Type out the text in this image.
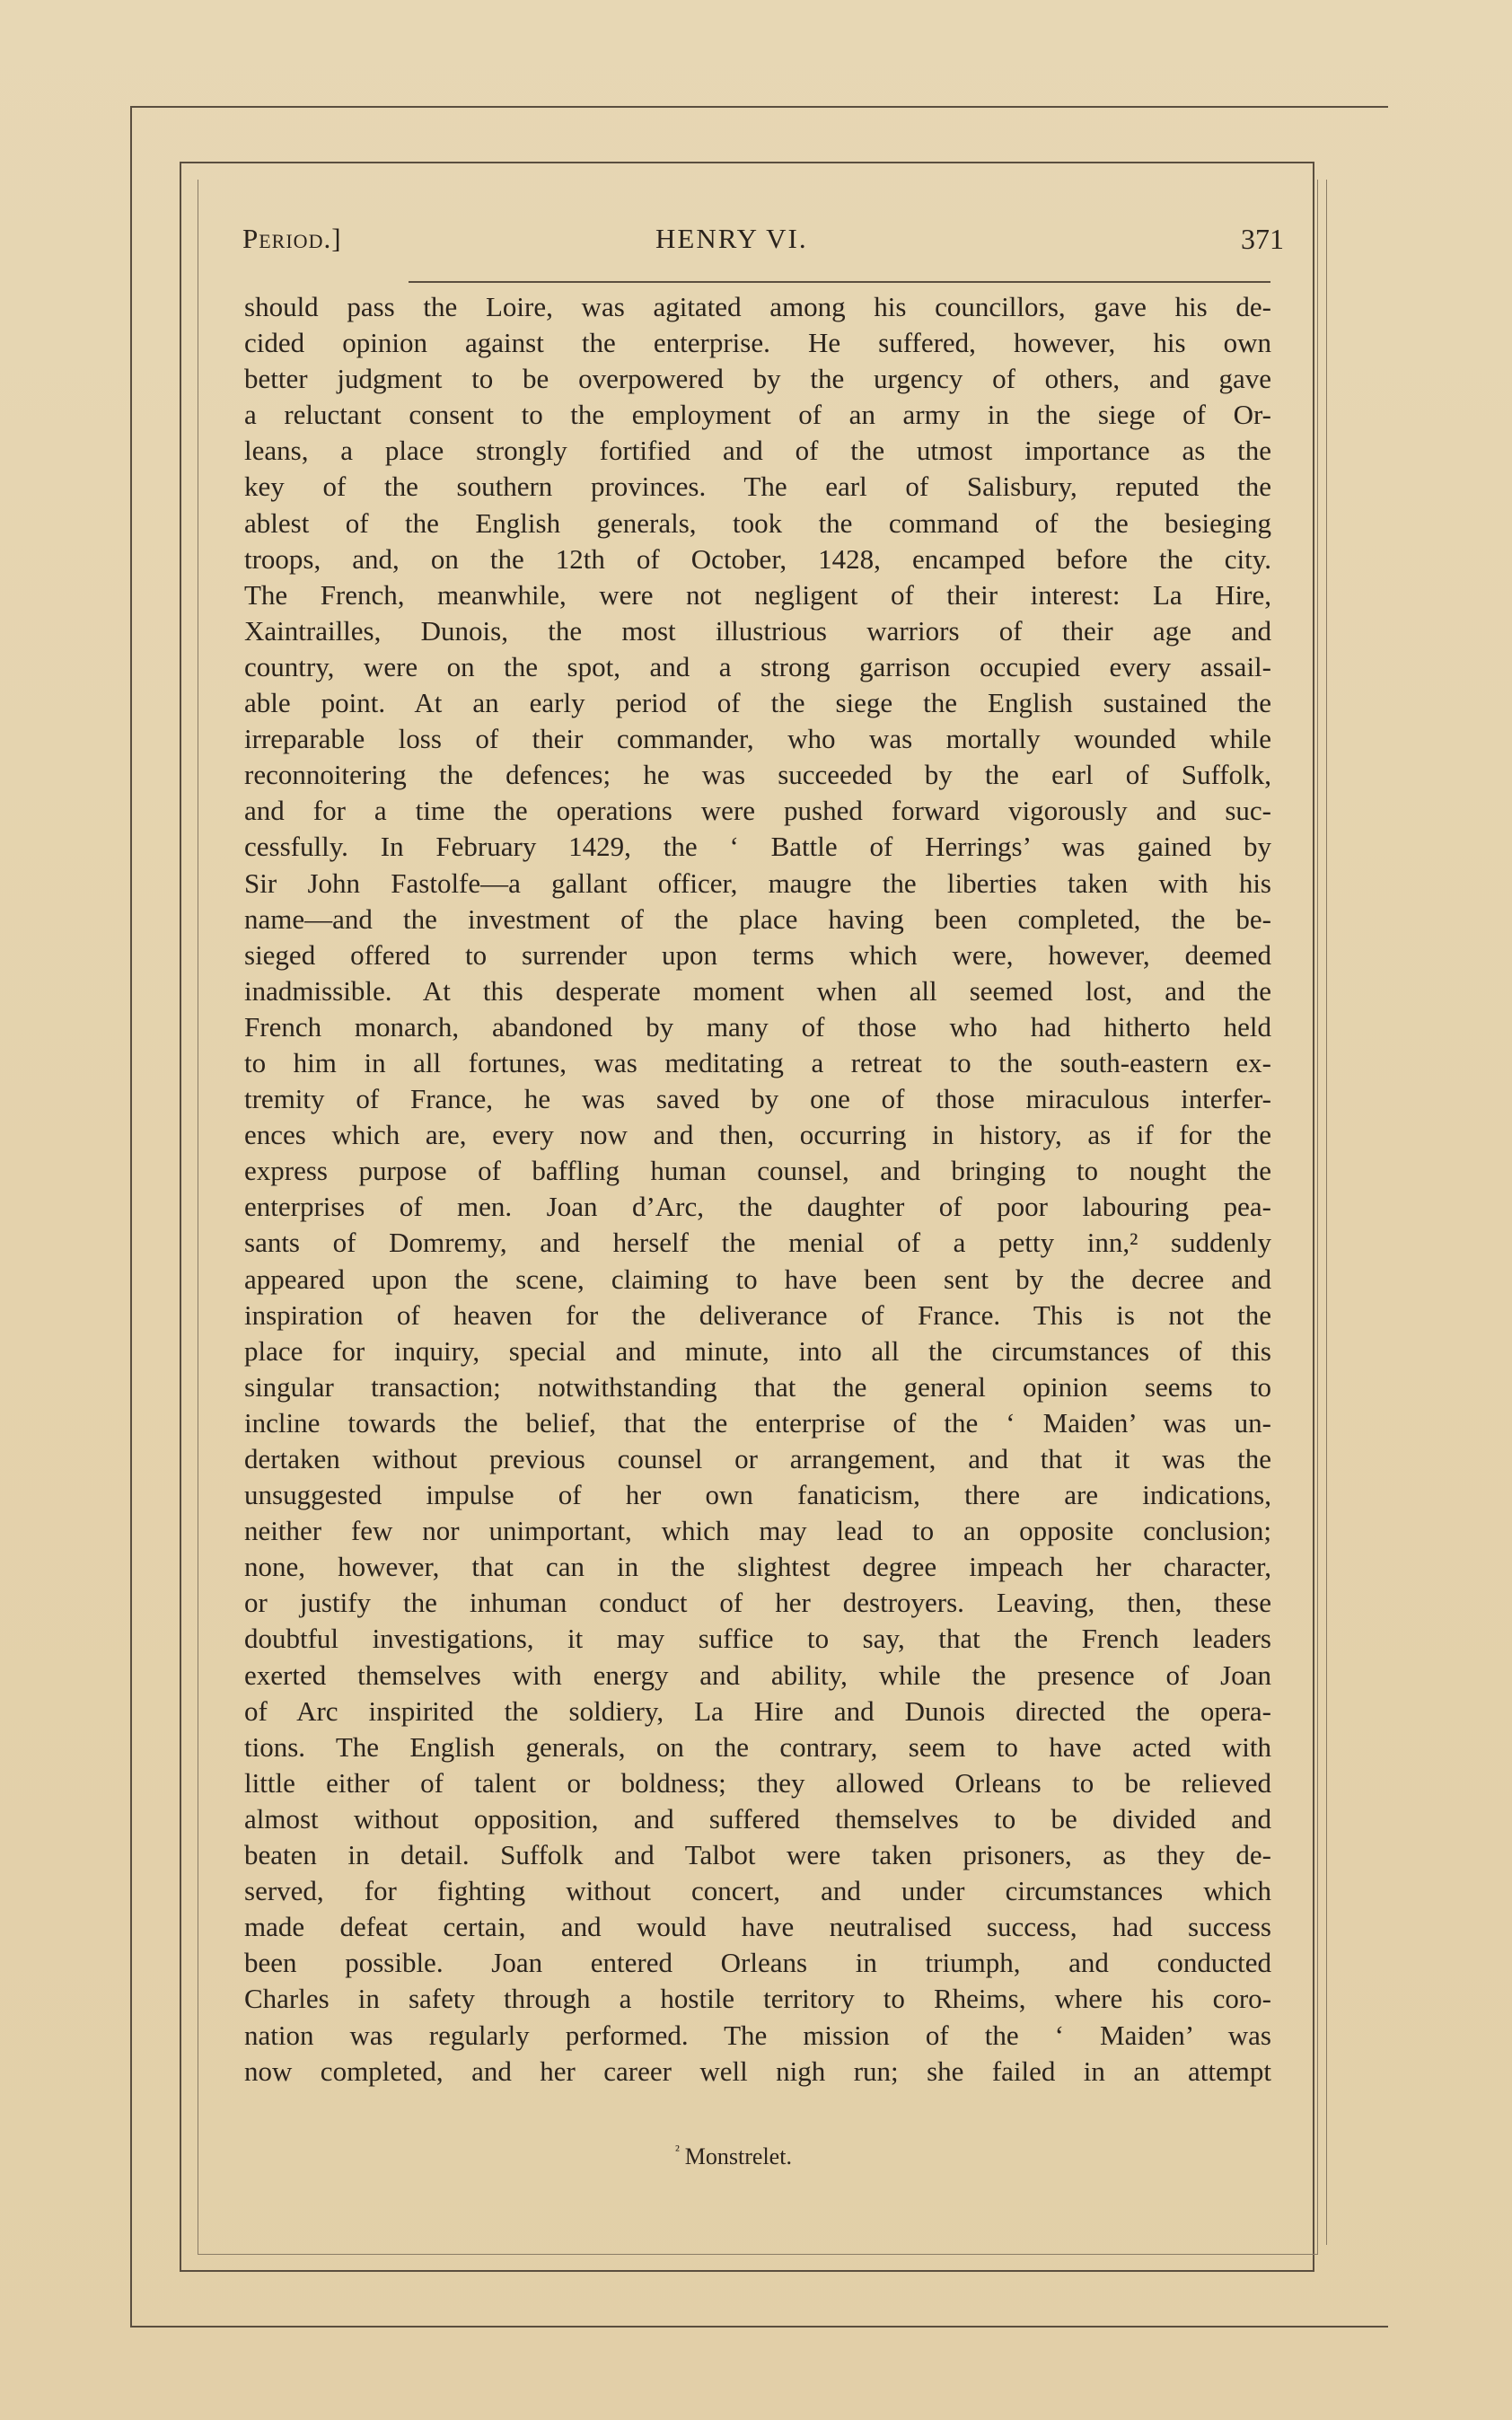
Period.]	HENRY VI.	371
should pass the Loire, was agitated among his councillors, gave his de-
cided opinion against the enterprise. He suffered, however, his own
better judgment to be overpowered by the urgency of others, and gave
a reluctant consent to the employment of an army in the siege of Or-
leans, a place strongly fortified and of the utmost importance as the
key of the southern provinces. The earl of Salisbury, reputed the
ablest of the English generals, took the command of the besieging
troops, and, on the 12th of October, 1428, encamped before the city.
The French, meanwhile, were not negligent of their interest: La Hire,
Xaintrailles, Dunois, the most illustrious warriors of their age and
country, were on the spot, and a strong garrison occupied every assail-
able point. At an early period of the siege the English sustained the
irreparable loss of their commander, who was mortally wounded while
reconnoitering the defences; he was succeeded by the earl of Suffolk,
and for a time the operations were pushed forward vigorously and suc-
cessfully. In February 1429, the ‘ Battle of Herrings’ was gained by
Sir John Fastolfe—a gallant officer, maugre the liberties taken with his
name—and the investment of the place having been completed, the be-
sieged offered to surrender upon terms which were, however, deemed
inadmissible. At this desperate moment when all seemed lost, and the
French monarch, abandoned by many of those who had hitherto held
to him in all fortunes, was meditating a retreat to the south-eastern ex-
tremity of France, he was saved by one of those miraculous interfer-
ences which are, every now and then, occurring in history, as if for the
express purpose of baffling human counsel, and bringing to nought the
enterprises of men. Joan d’Arc, the daughter of poor labouring pea-
sants of Domremy, and herself the menial of a petty inn,² suddenly
appeared upon the scene, claiming to have been sent by the decree and
inspiration of heaven for the deliverance of France. This is not the
place for inquiry, special and minute, into all the circumstances of this
singular transaction; notwithstanding that the general opinion seems to
incline towards the belief, that the enterprise of the ‘ Maiden’ was un-
dertaken without previous counsel or arrangement, and that it was the
unsuggested impulse of her own fanaticism, there are indications,
neither few nor unimportant, which may lead to an opposite conclusion;
none, however, that can in the slightest degree impeach her character,
or justify the inhuman conduct of her destroyers. Leaving, then, these
doubtful investigations, it may suffice to say, that the French leaders
exerted themselves with energy and ability, while the presence of Joan
of Arc inspirited the soldiery, La Hire and Dunois directed the opera-
tions. The English generals, on the contrary, seem to have acted with
little either of talent or boldness; they allowed Orleans to be relieved
almost without opposition, and suffered themselves to be divided and
beaten in detail. Suffolk and Talbot were taken prisoners, as they de-
served, for fighting without concert, and under circumstances which
made defeat certain, and would have neutralised success, had success
been possible. Joan entered Orleans in triumph, and conducted
Charles in safety through a hostile territory to Rheims, where his coro-
nation was regularly performed. The mission of the ‘ Maiden’ was
now completed, and her career well nigh run; she failed in an attempt
$^{^2}$ Monstrelet.
